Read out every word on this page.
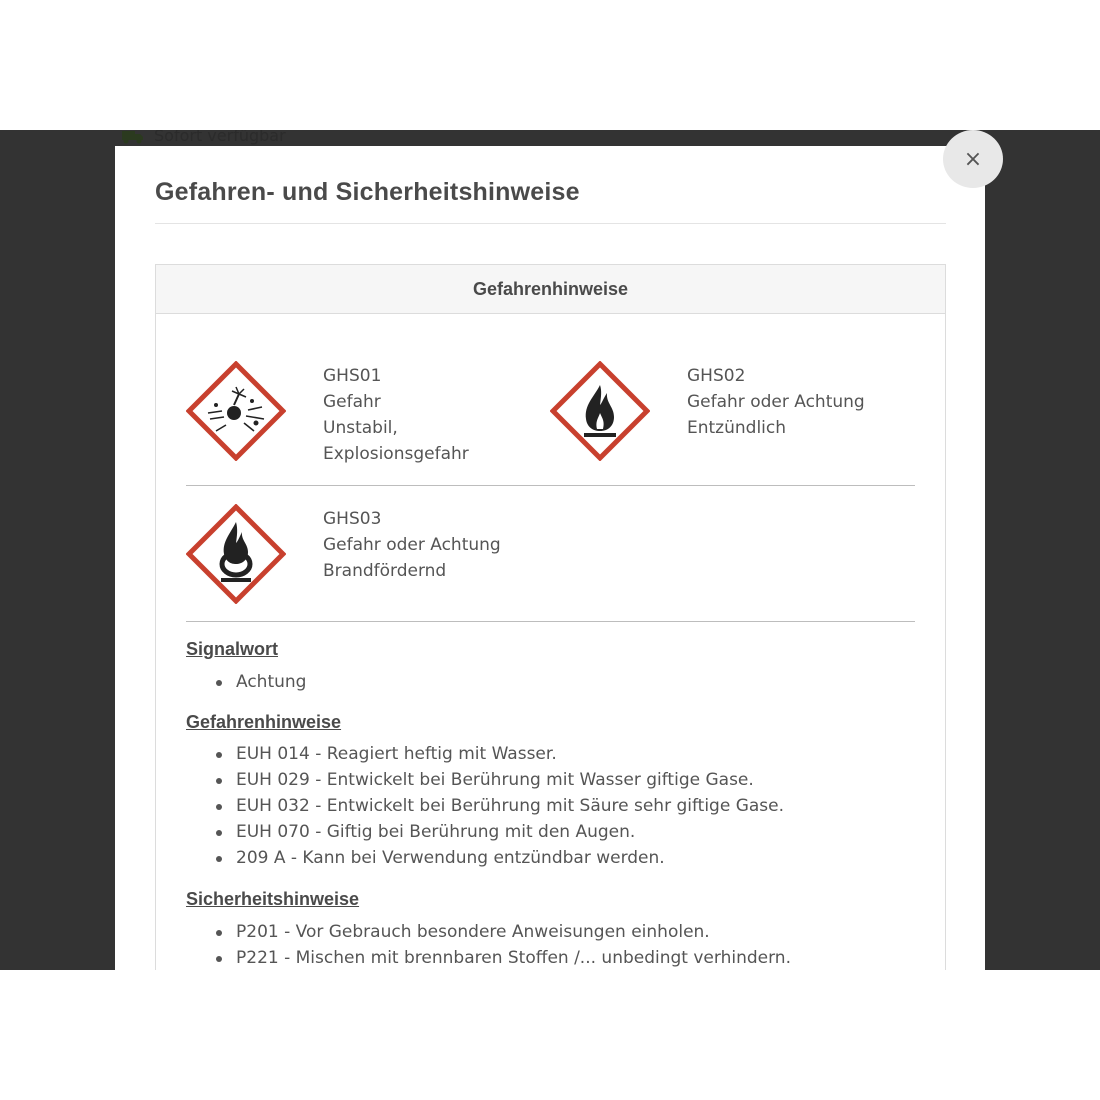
Sofort verfügbar
Gefahren- und Sicherheitshinweise
Gefahrenhinweise
GHS01
Gefahr
Unstabil,
Explosionsgefahr
GHS02
Gefahr oder Achtung
Entzündlich
GHS03
Gefahr oder Achtung
Brandfördernd
Signalwort
Achtung
Gefahrenhinweise
EUH 014 - Reagiert heftig mit Wasser.
EUH 029 - Entwickelt bei Berührung mit Wasser giftige Gase.
EUH 032 - Entwickelt bei Berührung mit Säure sehr giftige Gase.
EUH 070 - Giftig bei Berührung mit den Augen.
209 A - Kann bei Verwendung entzündbar werden.
Sicherheitshinweise
P201 - Vor Gebrauch besondere Anweisungen einholen.
P221 - Mischen mit brennbaren Stoffen /... unbedingt verhindern.
×
